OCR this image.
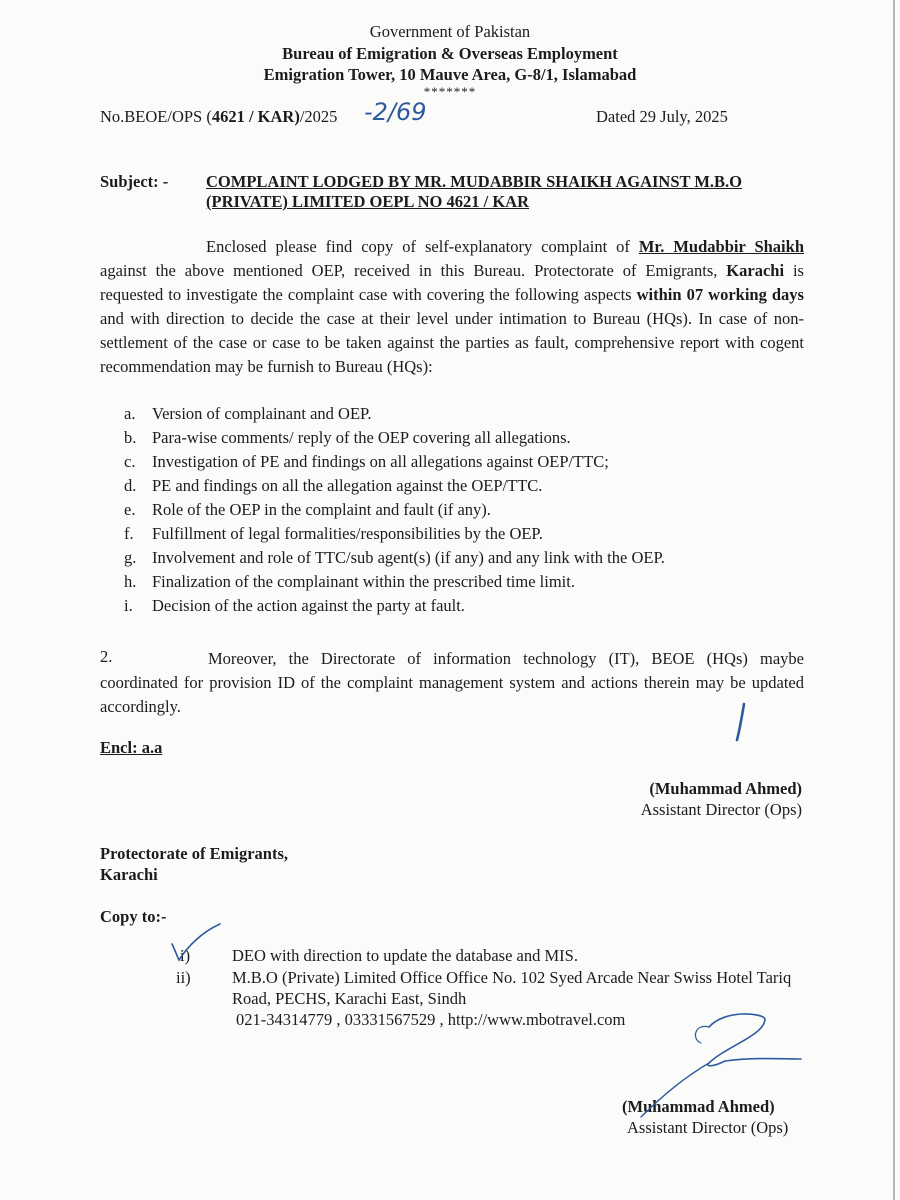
Government of Pakistan
Bureau of Emigration & Overseas Employment
Emigration Tower, 10 Mauve Area, G-8/1, Islamabad
*******
No.BEOE/OPS (4621 / KAR)/2025 -2/69	Dated 29 July, 2025
Subject: - COMPLAINT LODGED BY MR. MUDABBIR SHAIKH AGAINST M.B.O
(PRIVATE) LIMITED OEPL NO 4621 / KAR
Enclosed please find copy of self-explanatory complaint of Mr. Mudabbir Shaikh against the above mentioned OEP, received in this Bureau. Protectorate of Emigrants, Karachi is requested to investigate the complaint case with covering the following aspects within 07 working days and with direction to decide the case at their level under intimation to Bureau (HQs). In case of non-settlement of the case or case to be taken against the parties as fault, comprehensive report with cogent recommendation may be furnish to Bureau (HQs):
a. Version of complainant and OEP.
b. Para-wise comments/ reply of the OEP covering all allegations.
c. Investigation of PE and findings on all allegations against OEP/TTC;
d. PE and findings on all the allegation against the OEP/TTC.
e. Role of the OEP in the complaint and fault (if any).
f. Fulfillment of legal formalities/responsibilities by the OEP.
g. Involvement and role of TTC/sub agent(s) (if any) and any link with the OEP.
h. Finalization of the complainant within the prescribed time limit.
i. Decision of the action against the party at fault.
2.	Moreover, the Directorate of information technology (IT), BEOE (HQs) maybe coordinated for provision ID of the complaint management system and actions therein may be updated accordingly.
Encl: a.a
(Muhammad Ahmed)
Assistant Director (Ops)
Protectorate of Emigrants,
Karachi
Copy to:-
i)	DEO with direction to update the database and MIS.
ii)	M.B.O (Private) Limited Office Office No. 102 Syed Arcade Near Swiss Hotel Tariq
Road, PECHS, Karachi East, Sindh
021-34314779 , 03331567529 , http://www.mbotravel.com
(Muhammad Ahmed)
Assistant Director (Ops)
